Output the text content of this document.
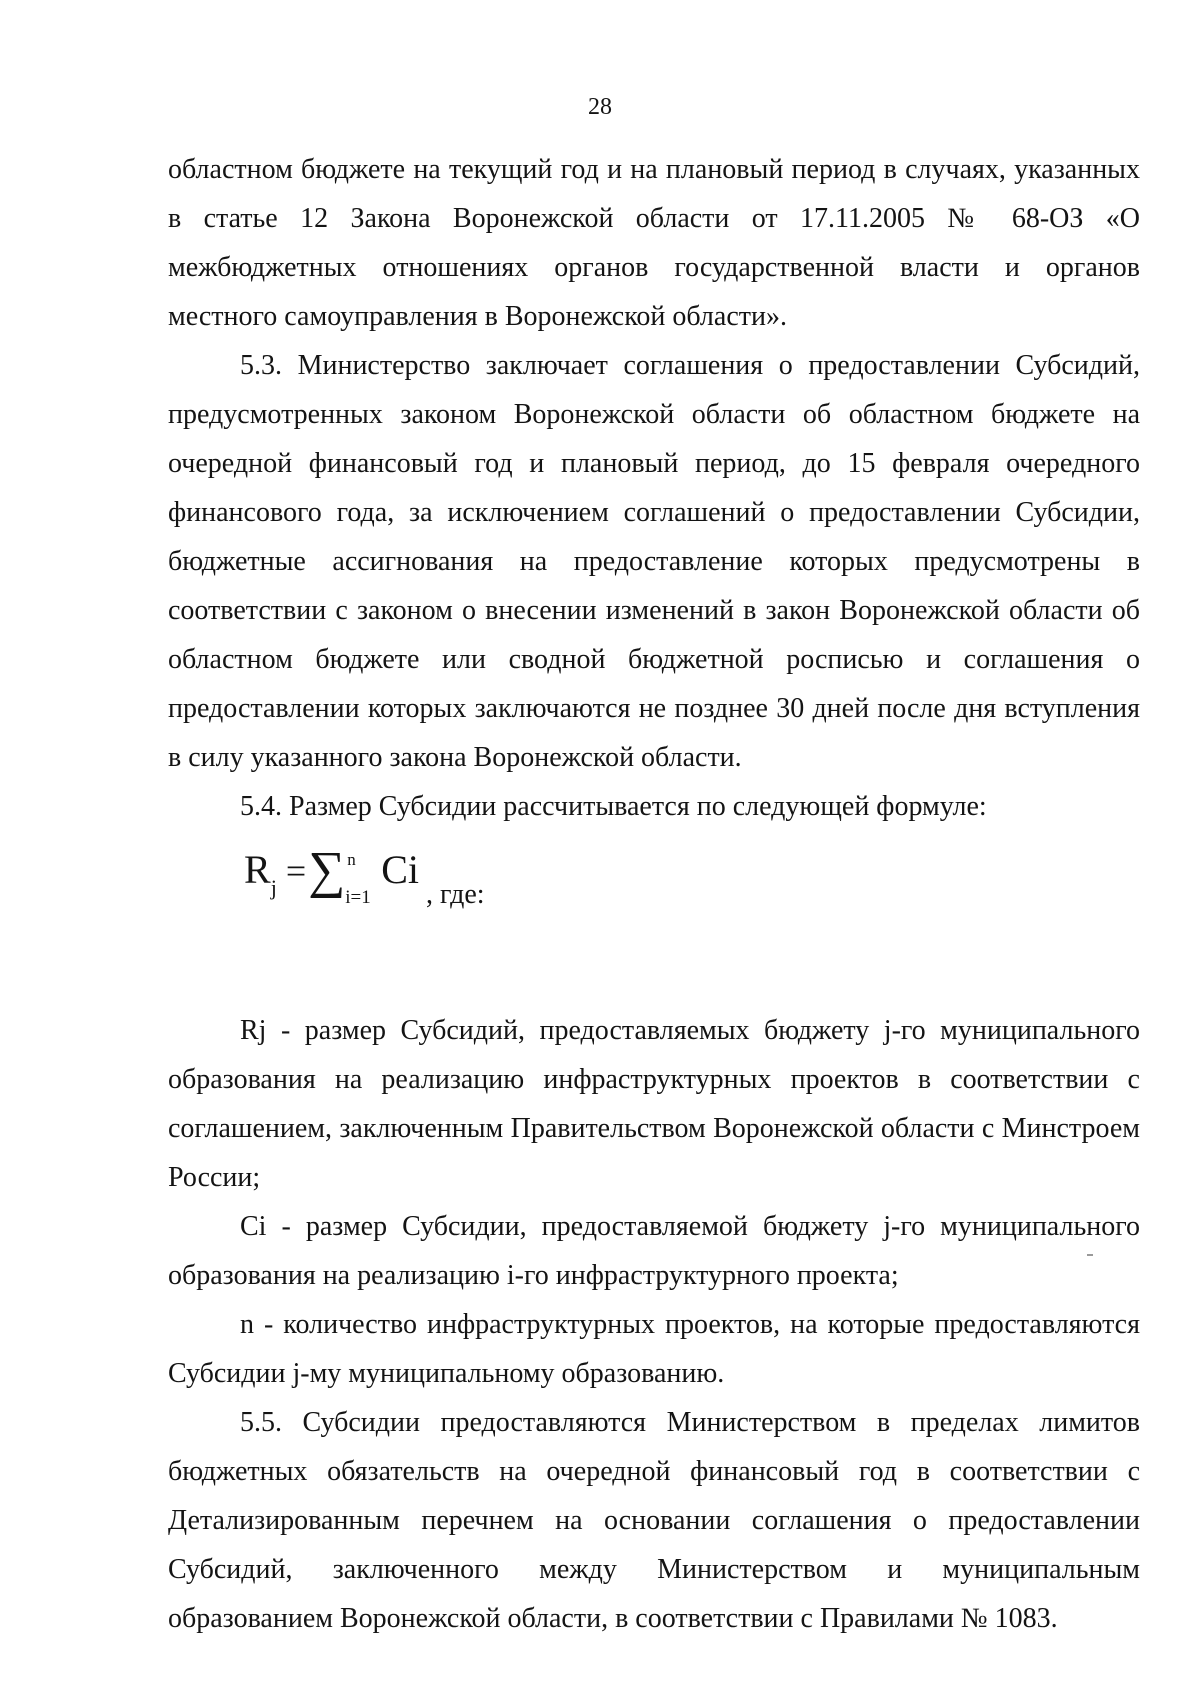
28

областном бюджете на текущий год и на плановый период в случаях, указанных в статье 12 Закона Воронежской области от 17.11.2005 № 68-ОЗ «О межбюджетных отношениях органов государственной власти и органов местного самоуправления в Воронежской области».

5.3. Министерство заключает соглашения о предоставлении Субсидий, предусмотренных законом Воронежской области об областном бюджете на очередной финансовый год и плановый период, до 15 февраля очередного финансового года, за исключением соглашений о предоставлении Субсидии, бюджетные ассигнования на предоставление которых предусмотрены в соответствии с законом о внесении изменений в закон Воронежской области об областном бюджете или сводной бюджетной росписью и соглашения о предоставлении которых заключаются не позднее 30 дней после дня вступления в силу указанного закона Воронежской области.

5.4. Размер Субсидии рассчитывается по следующей формуле:

$R_j$ =∑ n
i=1
Ci , где:

Rj - размер Субсидий, предоставляемых бюджету j-го муниципального образования на реализацию инфраструктурных проектов в соответствии с соглашением, заключенным Правительством Воронежской области с Минстроем России;

Ci - размер Субсидии, предоставляемой бюджету j-го муниципального образования на реализацию i-го инфраструктурного проекта;

n - количество инфраструктурных проектов, на которые предоставляются Субсидии j-му муниципальному образованию.

5.5. Субсидии предоставляются Министерством в пределах лимитов бюджетных обязательств на очередной финансовый год в соответствии с Детализированным перечнем на основании соглашения о предоставлении Субсидий, заключенного между Министерством и муниципальным образованием Воронежской области, в соответствии с Правилами № 1083.
